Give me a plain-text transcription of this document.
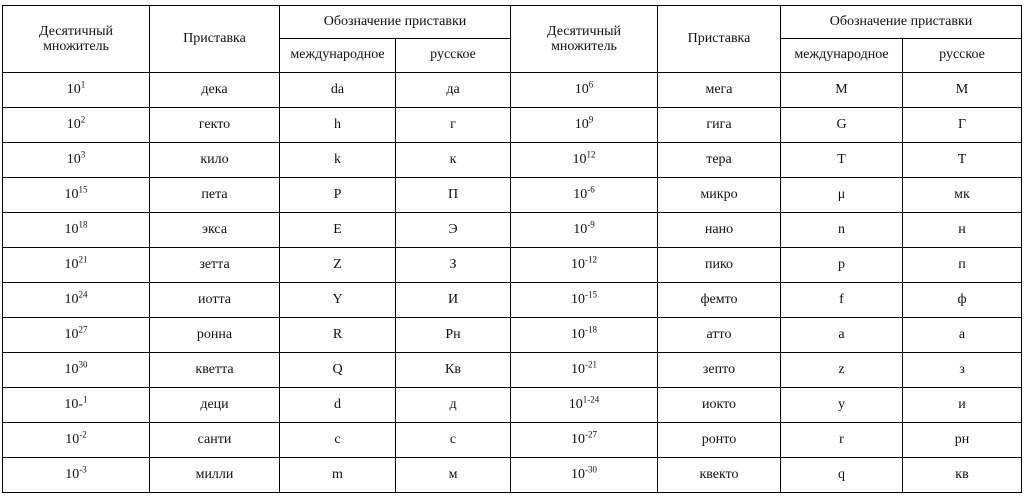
Десятичный множитель	Приставка	Обозначение приставки		Десятичный множитель	Приставка	Обозначение приставки	
		международное	русское			международное	русское
$10^1$	дека	da	да	$10^6$	мега	M	М
$10^2$	гекто	h	г	$10^9$	гига	G	Г
$10^3$	кило	k	к	$10^{12}$	тера	T	Т
$10^{15}$	пета	P	П	$10^{-6}$	микро	μ	мк
$10^{18}$	экса	E	Э	$10^{-9}$	нано	n	н
$10^{21}$	зетта	Z	З	$10^{-12}$	пико	p	п
$10^{24}$	иотта	Y	И	$10^{-15}$	фемто	f	ф
$10^{27}$	ронна	R	Рн	$10^{-18}$	атто	a	а
$10^{30}$	кветта	Q	Кв	$10^{-21}$	зепто	z	з
10-$^1$	деци	d	д	10$^{1-24}$	иокто	y	и
$10^{-2}$	санти	c	с	$10^{-27}$	ронто	r	рн
$10^{-3}$	милли	m	м	$10^{-30}$	квекто	q	кв
